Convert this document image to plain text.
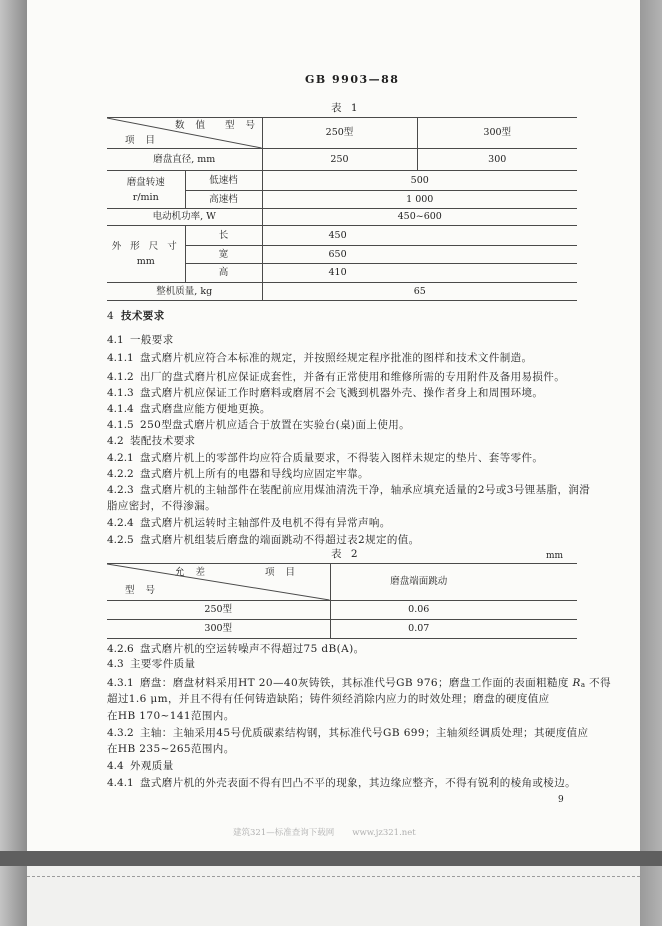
GB 9903—88
表 1
数 值 型 号
项 目		250型	300型
磨盘直径, mm		250	300

磨盘转速
r/min	低速档	500	
	高速档	1 000	
电动机功率, W		450~600	

外 形 尺 寸
mm	长	450	
	宽	650	
	高	410	
整机质量, kg		65	
4 技术要求
4.1 一般要求
4.1.1 盘式磨片机应符合本标准的规定，并按照经规定程序批准的图样和技术文件制造。
4.1.2 出厂的盘式磨片机应保证成套性，并备有正常使用和维修所需的专用附件及备用易损件。
4.1.3 盘式磨片机应保证工作时磨料或磨屑不会飞溅到机器外壳、操作者身上和周围环境。
4.1.4 盘式磨盘应能方便地更换。
4.1.5 250型盘式磨片机应适合于放置在实验台(桌)面上使用。
4.2 装配技术要求
4.2.1 盘式磨片机上的零部件均应符合质量要求，不得装入图样未规定的垫片、套等零件。
4.2.2 盘式磨片机上所有的电器和导线均应固定牢靠。
4.2.3 盘式磨片机的主轴部件在装配前应用煤油清洗干净，轴承应填充适量的2号或3号锂基脂，润滑
脂应密封，不得渗漏。
4.2.4 盘式磨片机运转时主轴部件及电机不得有异常声响。
4.2.5 盘式磨片机组装后磨盘的端面跳动不得超过表2规定的值。
表 2	mm
允 差 项 目
型 号	磨盘端面跳动
250型	0.06
300型	0.07
4.2.6 盘式磨片机的空运转噪声不得超过75 dB(A)。
4.3 主要零件质量
4.3.1 磨盘：磨盘材料采用HT 20—40灰铸铁，其标准代号GB 976；磨盘工作面的表面粗糙度 $R_a$ 不得
超过1.6 μm，并且不得有任何铸造缺陷；铸件须经消除内应力的时效处理；磨盘的硬度值应
在HB 170~141范围内。
4.3.2 主轴：主轴采用45号优质碳素结构钢，其标准代号GB 699；主轴须经调质处理；其硬度值应
在HB 235~265范围内。
4.4 外观质量
4.4.1 盘式磨片机的外壳表面不得有凹凸不平的现象，其边缘应整齐，不得有锐利的棱角或棱边。
9
建筑321—标准查询下载网 www.jz321.net
